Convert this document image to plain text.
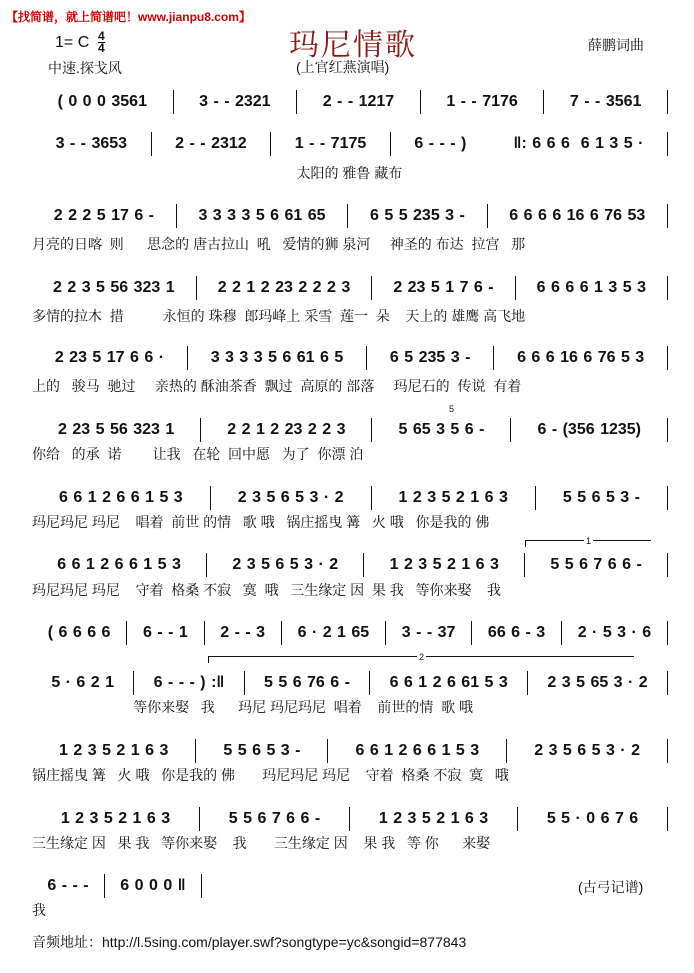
【找简谱，就上简谱吧！www.jianpu8.com】
玛尼情歌
(上官红燕演唱)
1= C 4
4
中速.探戈风
薛鹏词曲
( 0 0 0 3561	3 - - 2321	2 - - 1217	1 - - 7176	7 - - 3561
3 - - 3653	2 - - 2312	1 - - 7175	6 - - - )	‖: 6 6 6  6 1 3 5 ·
太阳的 雅鲁 藏布
2 2 2 5 17 6 -	3 3 3 3 5 6 61 65	6 5 5 235 3 -	6 6 6 6 16 6 76 53
月亮的日喀  则      思念的 唐古拉山  吼   爱情的狮 泉河     神圣的 布达  拉宫   那
2 2 3 5 56 323 1	2 2 1 2 23 2 2 2 3	2 23 5 1 7 6 -	6 6 6 6 1 3 5 3
多情的拉木  措          永恒的 珠穆  郎玛峰上 采雪  莲一  朵    天上的 雄鹰 高飞地
2 23 5 17 6 6 ·	3 3 3 3 5 6 61 6 5	6 5 235 3 -	6 6 6 16 6 76 5 3
上的   骏马  驰过     亲热的 酥油茶香  飘过  高原的 部落     玛尼石的  传说  有着
2 23 5 56 323 1	2 2 1 2 23 2 2 3	5 65 3 5 6 -	6 - (356 1235)
你给   的承  诺        让我   在轮  回中愿   为了  你漂 泊
6 6 1 2 6 6 1 5 3	2 3 5 6 5 3 · 2	1 2 3 5 2 1 6 3	5 5 6 5 3 -
玛尼玛尼 玛尼    唱着  前世 的情   歌 哦   锅庄摇曳 篝   火 哦   你是我的 佛
6 6 1 2 6 6 1 5 3	2 3 5 6 5 3 · 2	1 2 3 5 2 1 6 3	5 5 6 7 6 6 -
玛尼玛尼 玛尼    守着  格桑 不寂   寞  哦   三生缘定 因  果 我   等你来娶    我
( 6 6 6 6	6 - - 1	2 - - 3	6 · 2 1 65	3 - - 37	66 6 - 3	2 · 5 3 · 6
5 · 6 2 1	6 - - - ) :‖	5 5 6 76 6 -	6 6 1 2 6 61 5 3	2 3 5 65 3 · 2
等你来娶   我      玛尼 玛尼玛尼  唱着    前世的情  歌 哦
1 2 3 5 2 1 6 3	5 5 6 5 3 -	6 6 1 2 6 6 1 5 3	2 3 5 6 5 3 · 2
锅庄摇曳 篝   火 哦   你是我的 佛       玛尼玛尼 玛尼    守着  格桑 不寂  寞   哦
1 2 3 5 2 1 6 3	5 5 6 7 6 6 -	1 2 3 5 2 1 6 3	5 5 · 0 6 7 6
三生缘定 因   果 我   等你来娶    我       三生缘定 因    果 我   等 你      来娶
6 - - -	6 0 0 0 ‖
我
1
2
5
(古弓记谱)
音频地址：http://l.5sing.com/player.swf?songtype=yc&songid=877843
